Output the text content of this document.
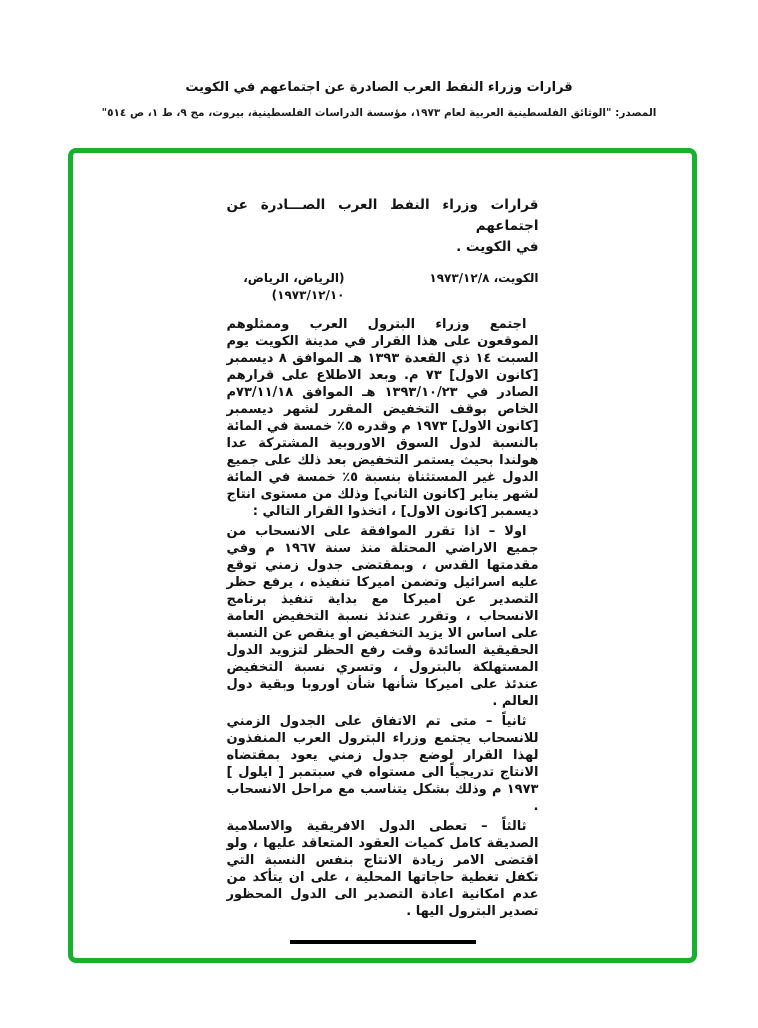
قرارات وزراء النفط العرب الصادرة عن اجتماعهم في الكويت
المصدر: "الوثائق الفلسطينية العربية لعام ١٩٧٣، مؤسسة الدراسات الفلسطينية، بيروت، مج ٩، ط ١، ص ٥١٤"
قرارات وزراء النفط العرب الصـــادرة عن اجتماعهم
في الكويت .
الكويت، ١٩٧٣/١٢/٨
(الرياض، الرياض، ١٩٧٣/١٢/١٠)

اجتمع وزراء البترول العرب وممثلوهم الموقعون على هذا القرار في مدينة الكويت يوم السبت ١٤ ذي القعدة ١٣٩٣ هـ الموافق ٨ ديسمبر [كانون الاول] ٧٣ م. وبعد الاطلاع على قرارهم الصادر في ١٣٩٣/١٠/٢٣ هـ الموافق ٧٣/١١/١٨م الخاص بوقف التخفيض المقرر لشهر ديسمبر [كانون الاول] ١٩٧٣ م وقدره ٥٪ خمسة في المائة بالنسبة لدول السوق الاوروبية المشتركة عدا هولندا بحيث يستمر التخفيض بعد ذلك على جميع الدول غير المستثناة بنسبة ٥٪ خمسة في المائة لشهر يناير [كانون الثاني] وذلك من مستوى انتاج ديسمبر [كانون الاول] ، اتخذوا القرار التالي :

اولا – اذا تقرر الموافقة على الانسحاب من جميع الاراضي المحتلة منذ سنة ١٩٦٧ م وفي مقدمتها القدس ، وبمقتضى جدول زمني توقع عليه اسرائيل وتضمن اميركا تنفيذه ، يرفع حظر التصدير عن اميركا مع بداية تنفيذ برنامج الانسحاب ، وتقرر عندئذ نسبة التخفيض العامة على اساس الا يزيد التخفيض او ينقص عن النسبة الحقيقية السائدة وقت رفع الحظر لتزويد الدول المستهلكة بالبترول ، وتسري نسبة التخفيض عندئذ على اميركا شأنها شأن اوروبا وبقية دول العالم .

ثانياً – متى تم الاتفاق على الجدول الزمني للانسحاب يجتمع وزراء البترول العرب المنفذون لهذا القرار لوضع جدول زمني يعود بمقتضاه الانتاج تدريجياً الى مستواه في سبتمبر [ ايلول ] ١٩٧٣ م وذلك بشكل يتناسب مع مراحل الانسحاب .

ثالثاً – تعطى الدول الافريقية والاسلامية الصديقة كامل كميات العقود المتعاقد عليها ، ولو اقتضى الامر زيادة الانتاج بنفس النسبة التي تكفل تغطية حاجاتها المحلية ، على ان يتأكد من عدم امكانية اعادة التصدير الى الدول المحظور تصدير البترول اليها .
